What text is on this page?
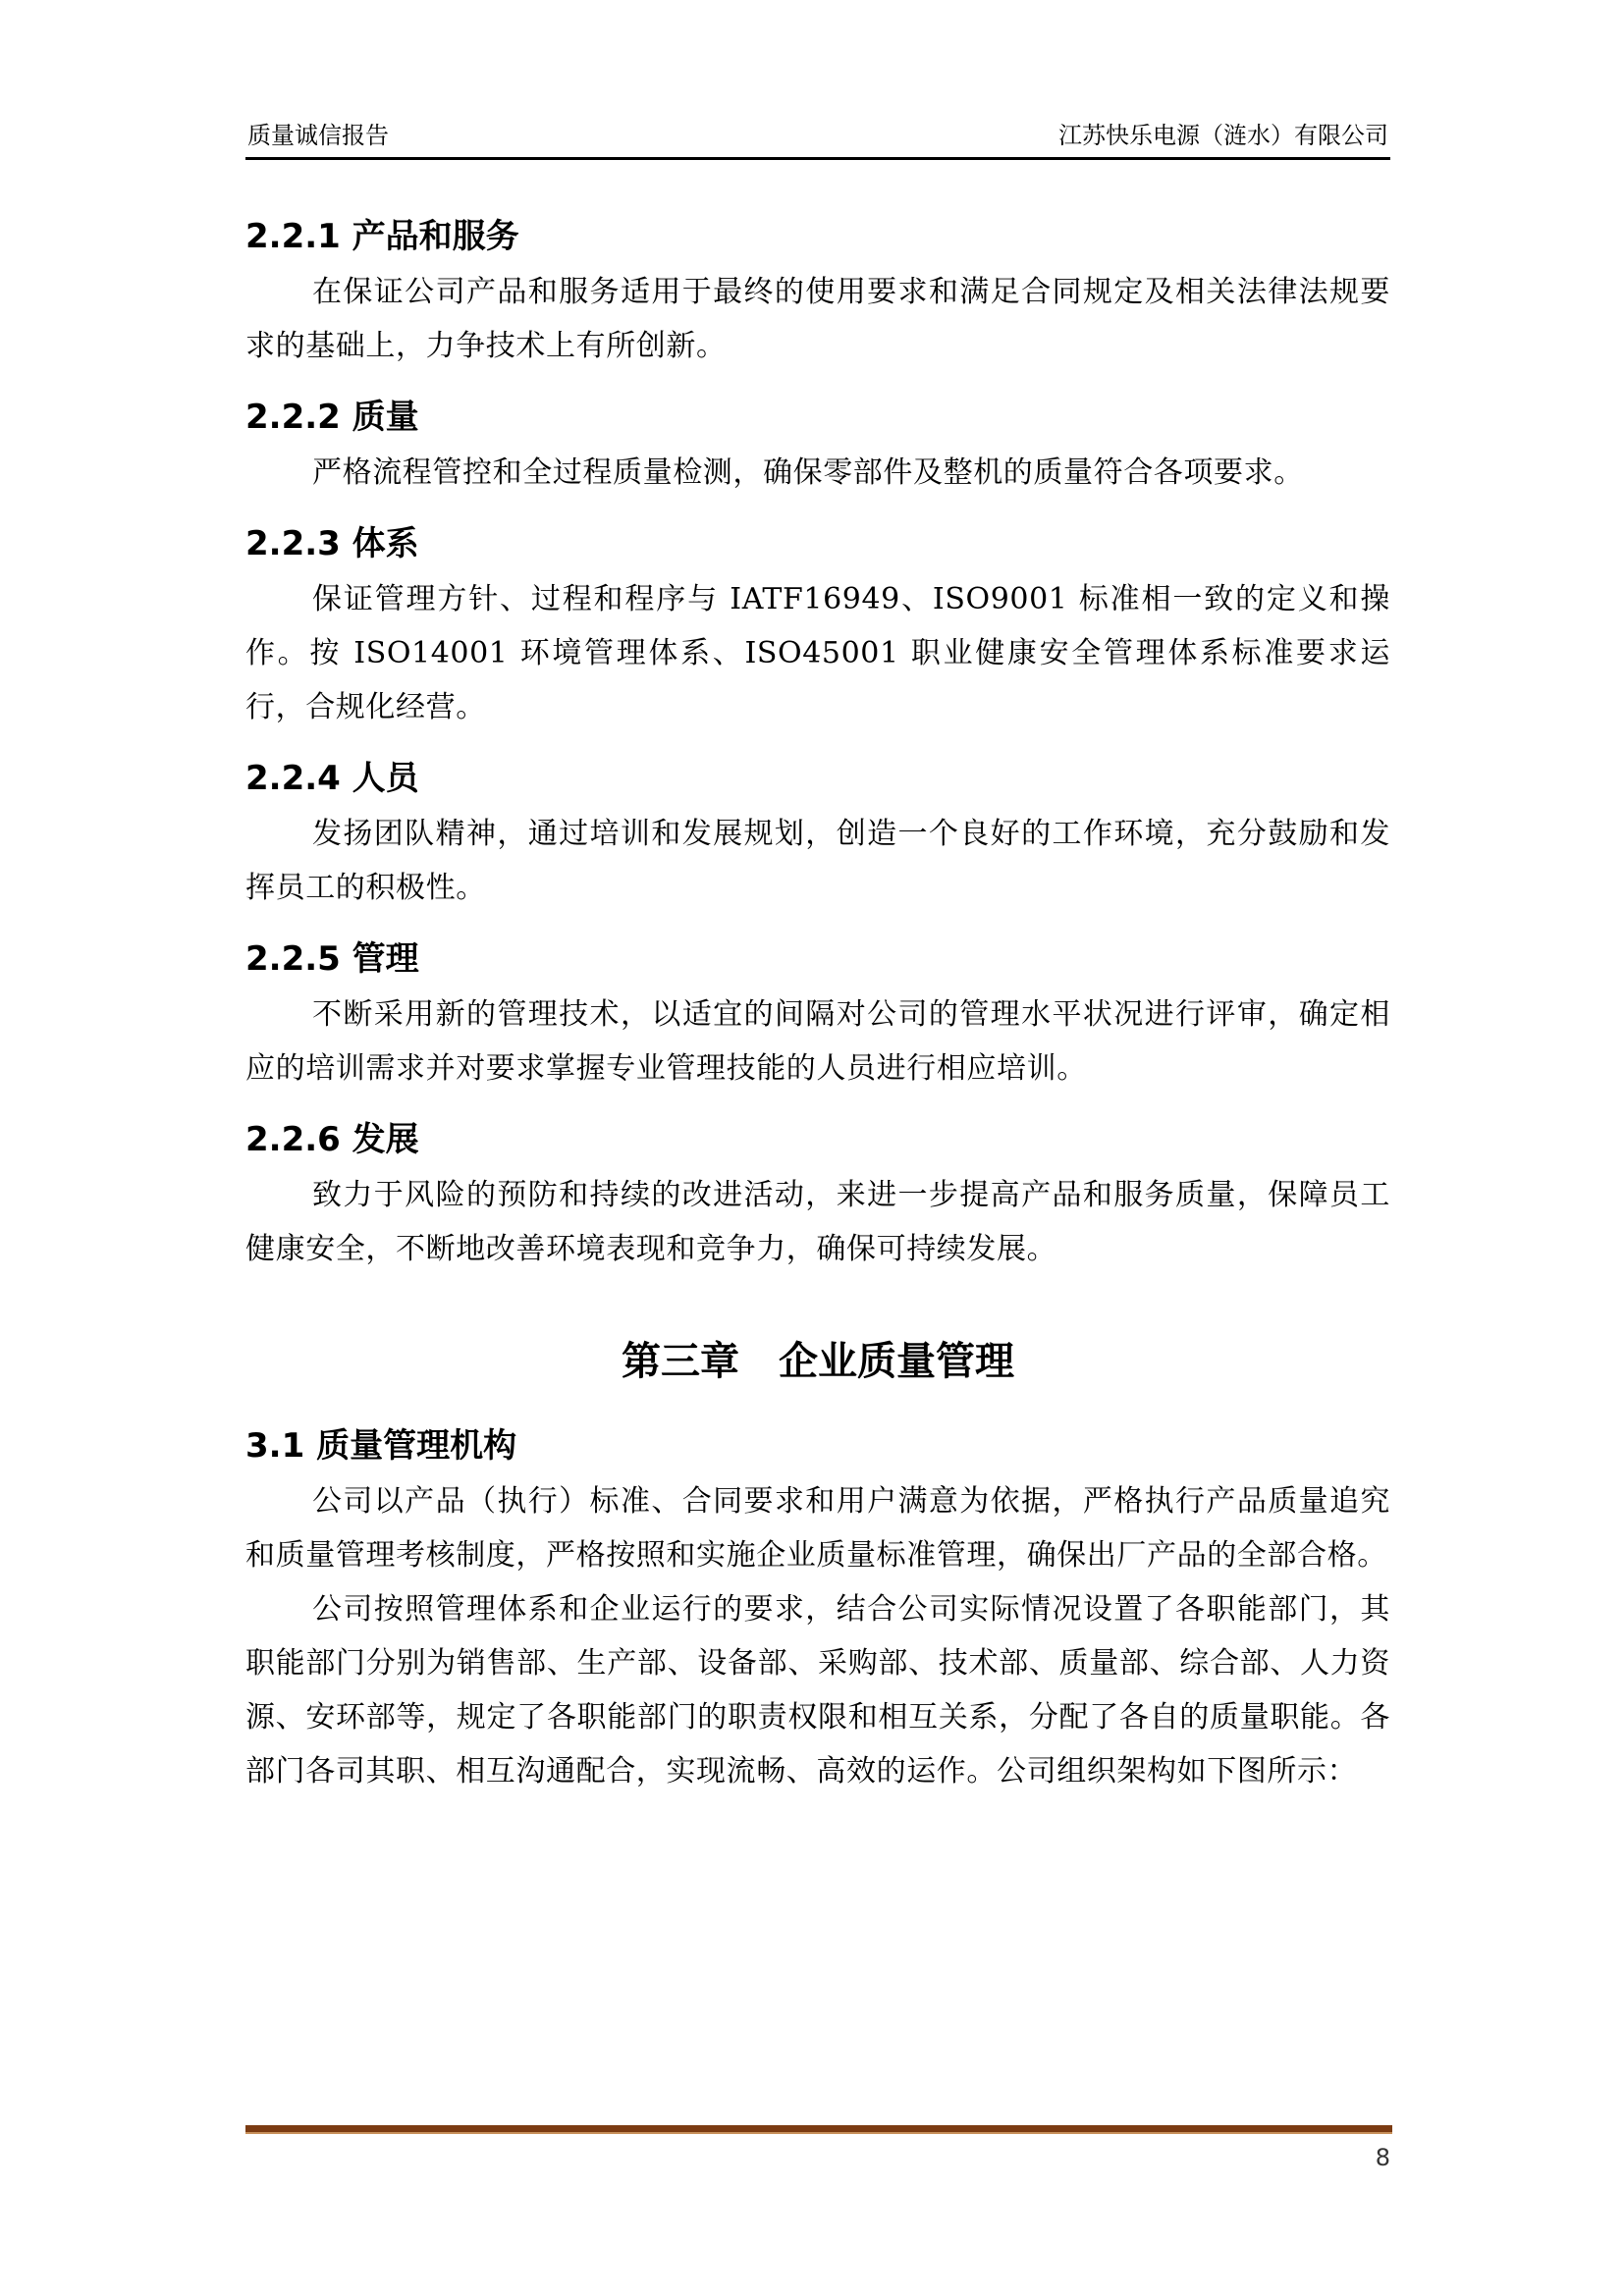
质量诚信报告	江苏快乐电源（涟水）有限公司
2.2.1 产品和服务

在保证公司产品和服务适用于最终的使用要求和满足合同规定及相关法律法规要求的基础上，力争技术上有所创新。

2.2.2 质量

严格流程管控和全过程质量检测，确保零部件及整机的质量符合各项要求。

2.2.3 体系

保证管理方针、过程和程序与 IATF16949、ISO9001 标准相一致的定义和操作。按 ISO14001 环境管理体系、ISO45001 职业健康安全管理体系标准要求运行，合规化经营。

2.2.4 人员

发扬团队精神，通过培训和发展规划，创造一个良好的工作环境，充分鼓励和发挥员工的积极性。

2.2.5 管理

不断采用新的管理技术，以适宜的间隔对公司的管理水平状况进行评审，确定相应的培训需求并对要求掌握专业管理技能的人员进行相应培训。

2.2.6 发展

致力于风险的预防和持续的改进活动，来进一步提高产品和服务质量，保障员工健康安全，不断地改善环境表现和竞争力，确保可持续发展。

第三章 企业质量管理
3.1 质量管理机构

公司以产品（执行）标准、合同要求和用户满意为依据，严格执行产品质量追究和质量管理考核制度，严格按照和实施企业质量标准管理，确保出厂产品的全部合格。

公司按照管理体系和企业运行的要求，结合公司实际情况设置了各职能部门，其职能部门分别为销售部、生产部、设备部、采购部、技术部、质量部、综合部、人力资源、安环部等，规定了各职能部门的职责权限和相互关系，分配了各自的质量职能。各部门各司其职、相互沟通配合，实现流畅、高效的运作。公司组织架构如下图所示：

8
